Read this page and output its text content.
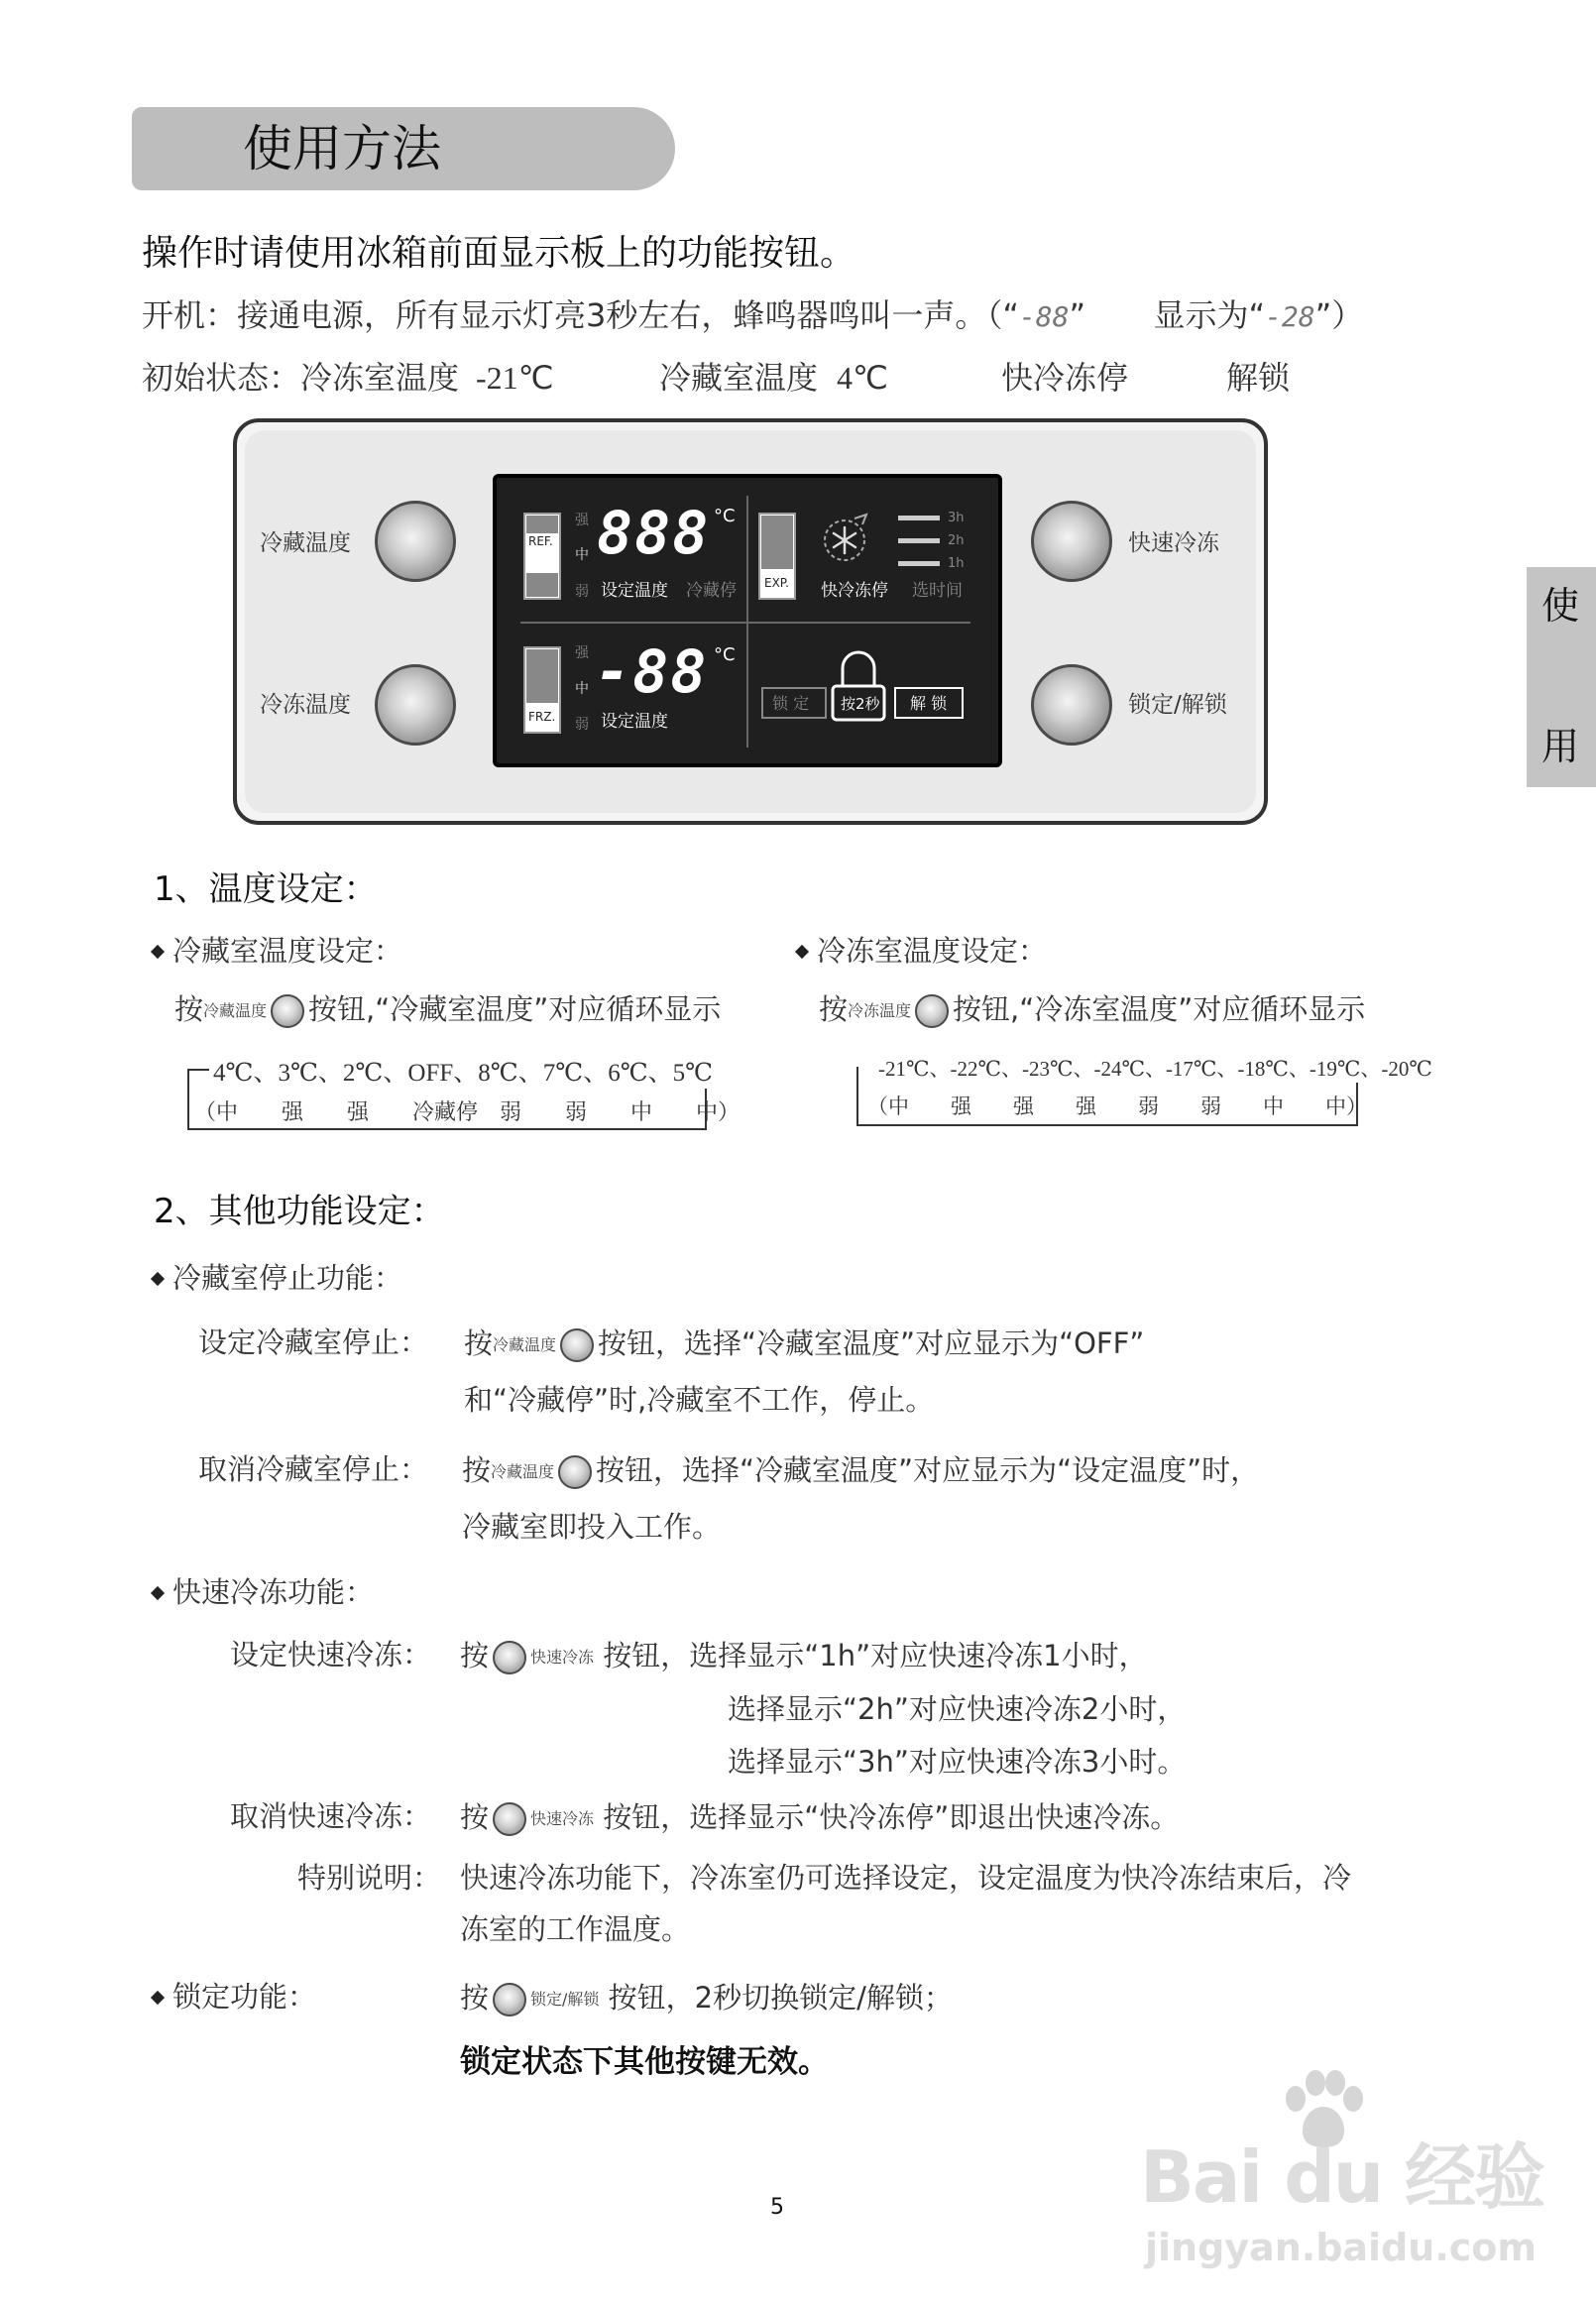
使用方法
使
用
操作时请使用冰箱前面显示板上的功能按钮。
开机：接通电源，所有显示灯亮3秒左右，蜂鸣器鸣叫一声。（“-88” 显示为“-28”）
初始状态：冷冻室温度 -21℃	冷藏室温度 4℃	快冷冻停	解锁
冷藏温度
冷冻温度
快速冷冻
锁定/解锁
REF.
强
中
弱
888 °C
设定温度 冷藏停
FRZ.
强
中
弱
-88 °C
设定温度
EXP. 快冷冻停 选时间
3h
2h
1h
锁 定 按2秒 解 锁
1、温度设定：
冷藏室温度设定：
按冷藏温度 按钮,“冷藏室温度”对应循环显示
4℃、3℃、2℃、OFF、8℃、7℃、6℃、5℃
（中　　强　　强　　冷藏停　弱　　弱　　中　　中）
冷冻室温度设定：
按冷冻温度 按钮,“冷冻室温度”对应循环显示
-21℃、-22℃、-23℃、-24℃、-17℃、-18℃、-19℃、-20℃
（中　　强　　强　　强　　弱　　弱　　中　　中）
2、其他功能设定：
冷藏室停止功能：
设定冷藏室停止： 按冷藏温度 按钮，选择“冷藏室温度”对应显示为“OFF”
和“冷藏停”时,冷藏室不工作，停止。
取消冷藏室停止： 按冷藏温度 按钮，选择“冷藏室温度”对应显示为“设定温度”时，
冷藏室即投入工作。
快速冷冻功能：
设定快速冷冻： 按	快速冷冻 按钮，选择显示“1h”对应快速冷冻1小时，
选择显示“2h”对应快速冷冻2小时，
选择显示“3h”对应快速冷冻3小时。
取消快速冷冻： 按	快速冷冻 按钮，选择显示“快冷冻停”即退出快速冷冻。
特别说明： 快速冷冻功能下，冷冻室仍可选择设定，设定温度为快冷冻结束后，冷
冻室的工作温度。
锁定功能：	按	锁定/解锁 按钮，2秒切换锁定/解锁；
锁定状态下其他按键无效。
5	Bai du 经验
jingyan.baidu.com
